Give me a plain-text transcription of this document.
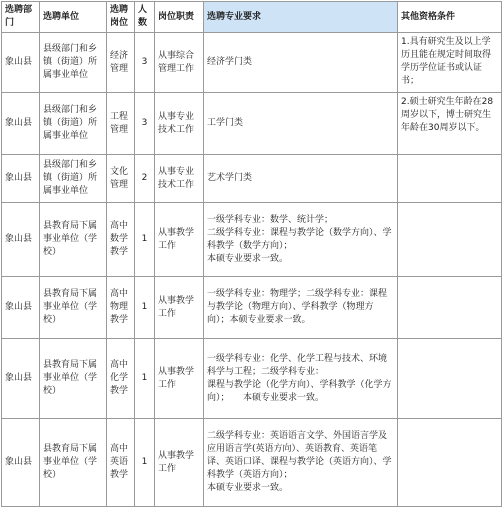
选聘部门	选聘单位	选聘岗位	人数	岗位职责	选聘专业要求	其他资格条件
象山县	县级部门和乡镇（街道）所属事业单位	经济管理	3	从事综合管理工作	经济学门类	1.具有研究生及以上学历且能在规定时间取得学历学位证书或认证书；
象山县	县级部门和乡镇（街道）所属事业单位	工程管理	3	从事专业技术工作	工学门类	2.硕士研究生年龄在28周岁以下，博士研究生年龄在30周岁以下。
象山县	县级部门和乡镇（街道）所属事业单位	文化管理	2	从事专业技术工作	艺术学门类	
象山县	县教育局下属事业单位（学校）	高中数学教学	1	从事教学工作	一级学科专业：数学、统计学；
二级学科专业：课程与教学论（数学方向）、学科教学（数学方向）；
本硕专业要求一致。	
象山县	县教育局下属事业单位（学校）	高中物理教学	1	从事教学工作	一级学科专业：物理学；二级学科专业：课程与教学论（物理方向）、学科教学（物理方向）；本硕专业要求一致。	
象山县	县教育局下属事业单位（学校）	高中化学教学	1	从事教学工作	一级学科专业：化学、化学工程与技术、环境科学与工程；二级学科专业：
课程与教学论（化学方向）、学科教学（化学方向）；　　本硕专业要求一致。	
象山县	县教育局下属事业单位（学校）	高中英语教学	1	从事教学工作	二级学科专业：英语语言文学、外国语言学及应用语言学(英语方向）、英语教育、英语笔译、英语口译、课程与教学论（英语方向）、学科教学（英语方向）；
本硕专业要求一致。	
